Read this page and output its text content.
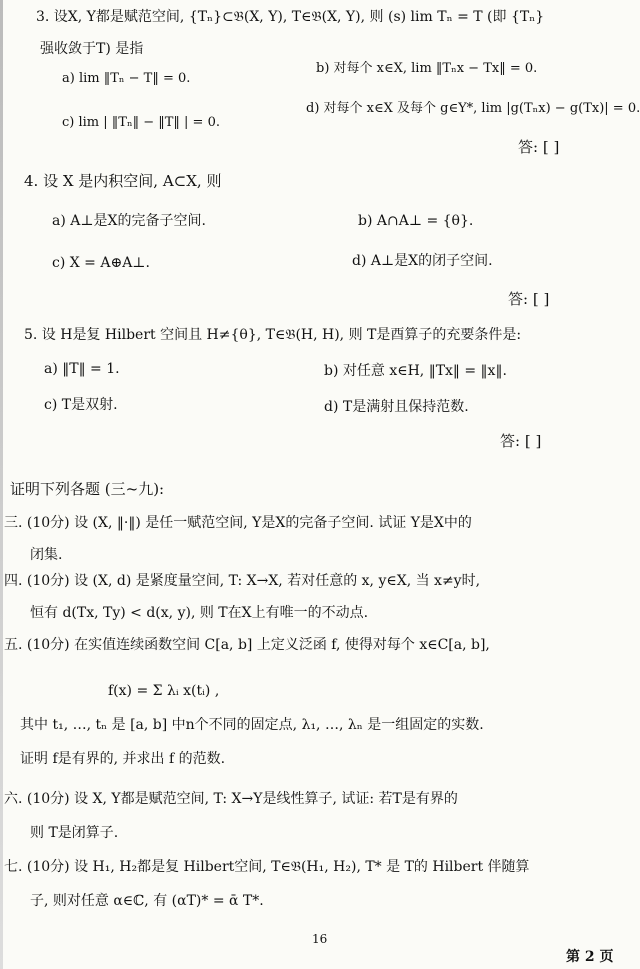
3. 设X, Y都是赋范空间, {Tₙ}⊂𝔅(X, Y), T∈𝔅(X, Y), 则 (s) lim Tₙ = T (即 {Tₙ}
强收敛于T) 是指
a) lim ‖Tₙ − T‖ = 0.
b) 对每个 x∈X, lim ‖Tₙx − Tx‖ = 0.
c) lim | ‖Tₙ‖ − ‖T‖ | = 0.
d) 对每个 x∈X 及每个 g∈Y*, lim |g(Tₙx) − g(Tx)| = 0.
答: [ ]
4. 设 X 是内积空间, A⊂X, 则
a) A⊥是X的完备子空间.	b) A∩A⊥ = {θ}.
c) X = A⊕A⊥.	d) A⊥是X的闭子空间.
答: [ ]
5. 设 H是复 Hilbert 空间且 H≠{θ}, T∈𝔅(H, H), 则 T是酉算子的充要条件是:
a) ‖T‖ = 1.	b) 对任意 x∈H, ‖Tx‖ = ‖x‖.
c) T是双射.	d) T是满射且保持范数.
答: [ ]
证明下列各题 (三~九):
三. (10分) 设 (X, ‖·‖) 是任一赋范空间, Y是X的完备子空间. 试证 Y是X中的
闭集.
四. (10分) 设 (X, d) 是紧度量空间, T: X→X, 若对任意的 x, y∈X, 当 x≠y时,
恒有 d(Tx, Ty) < d(x, y), 则 T在X上有唯一的不动点.
五. (10分) 在实值连续函数空间 C[a, b] 上定义泛函 f, 使得对每个 x∈C[a, b],
f(x) = Σ λᵢ x(tᵢ) ,
其中 t₁, …, tₙ 是 [a, b] 中n个不同的固定点, λ₁, …, λₙ 是一组固定的实数.
证明 f是有界的, 并求出 f 的范数.
六. (10分) 设 X, Y都是赋范空间, T: X→Y是线性算子, 试证: 若T是有界的
则 T是闭算子.
七. (10分) 设 H₁, H₂都是复 Hilbert空间, T∈𝔅(H₁, H₂), T* 是 T的 Hilbert 伴随算
子, 则对任意 α∈ℂ, 有 (αT)* = ᾱ T*.
16
第 2 页
